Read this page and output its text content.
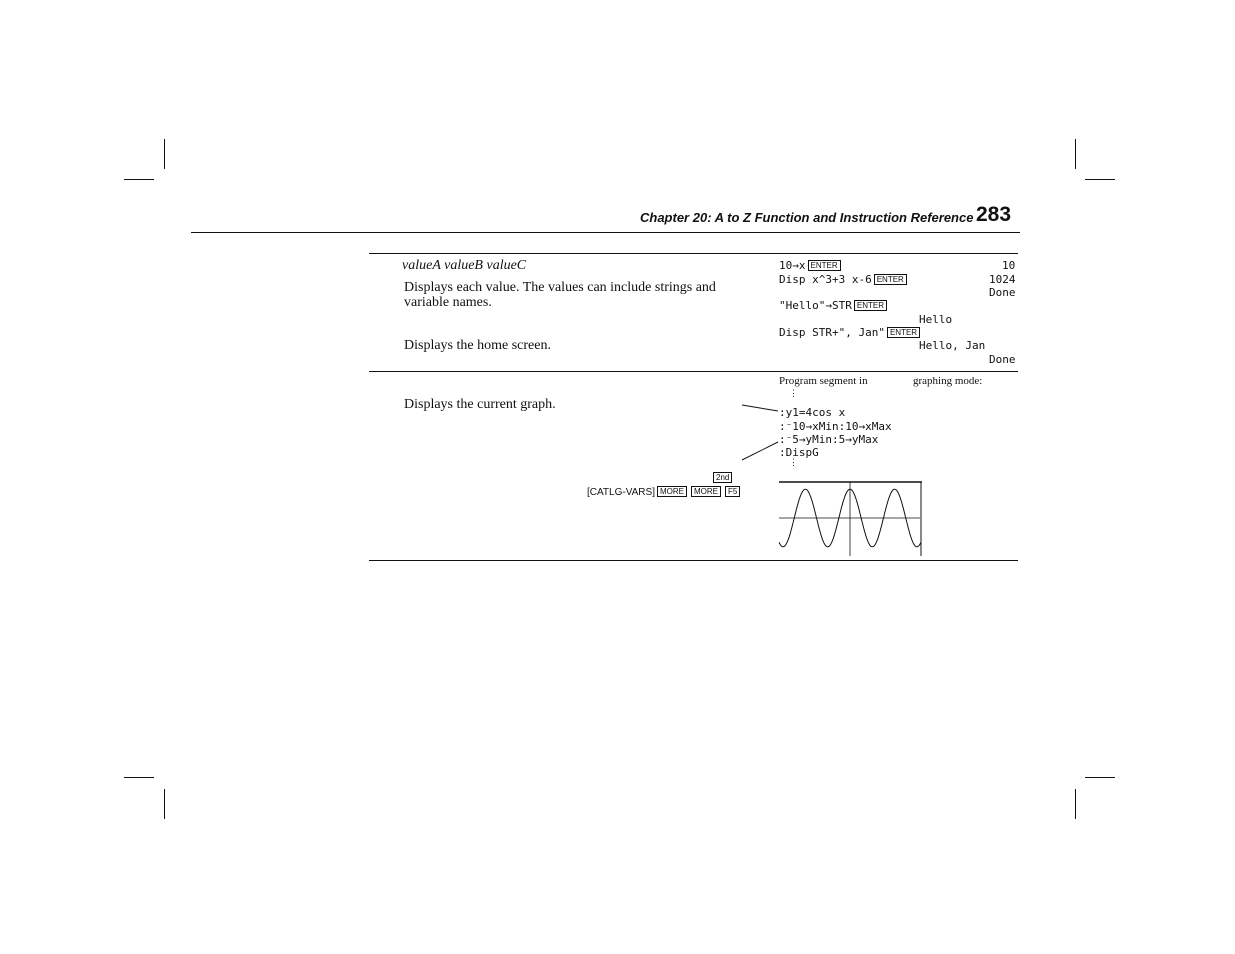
Chapter 20: A to Z Function and Instruction Reference 283
valueA valueB valueC
Displays each value. The values can include strings and
variable names.
Displays the home screen.
10→x ENTER	10
Disp x^3+3 x-6 ENTER	1024
Done
"Hello"→STR ENTER
Hello
Disp STR+", Jan" ENTER
Hello, Jan
Done
Displays the current graph.
2nd
[CATLG-VARS] MORE MORE F5
Program segment in	graphing mode:
⋮
:y1=4cos x
:⁻10→xMin:10→xMax
:⁻5→yMin:5→yMax
:DispG
⋮
